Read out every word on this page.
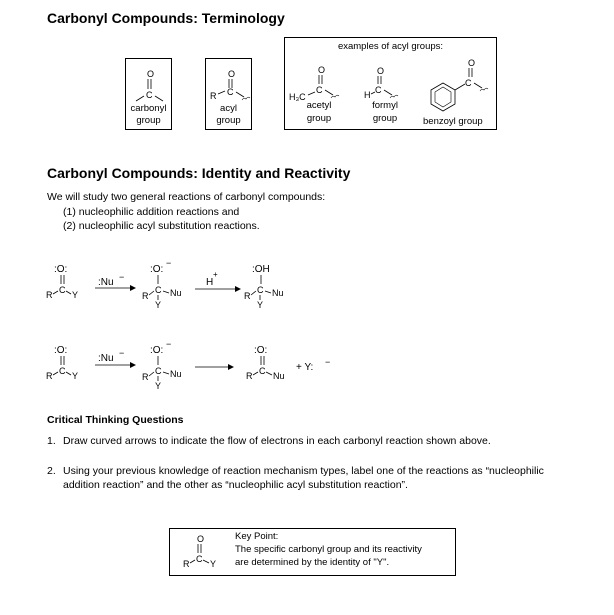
Carbonyl Compounds: Terminology
Carbonyl Compounds: Identity and Reactivity
O
C
carbonyl
group
O
R C
acyl
group
examples of acyl groups:
H₃C
C
O	O
C
H
C
O
acetyl
group
formyl
group	benzoyl group
We will study two general reactions of carbonyl compounds:
(1) nucleophilic addition reactions and
(2) nucleophilic acyl substitution reactions.
:O:
C
R Y
:Nu −
:O:
−
C
R Nu
Y
H
+	:OH
C
R Nu
Y
:O:
C
R Y
:Nu −	:O:
−
C
R Nu
Y
:O:
C
R Nu
+ Y: −
Critical Thinking Questions
1. Draw curved arrows to indicate the flow of electrons in each carbonyl reaction shown above.
2. Using your previous knowledge of reaction mechanism types, label one of the reactions as “nucleophilic
addition reaction” and the other as “nucleophilic acyl substitution reaction”.
O
C
R Y
Key Point:
The specific carbonyl group and its reactivity
are determined by the identity of "Y".
